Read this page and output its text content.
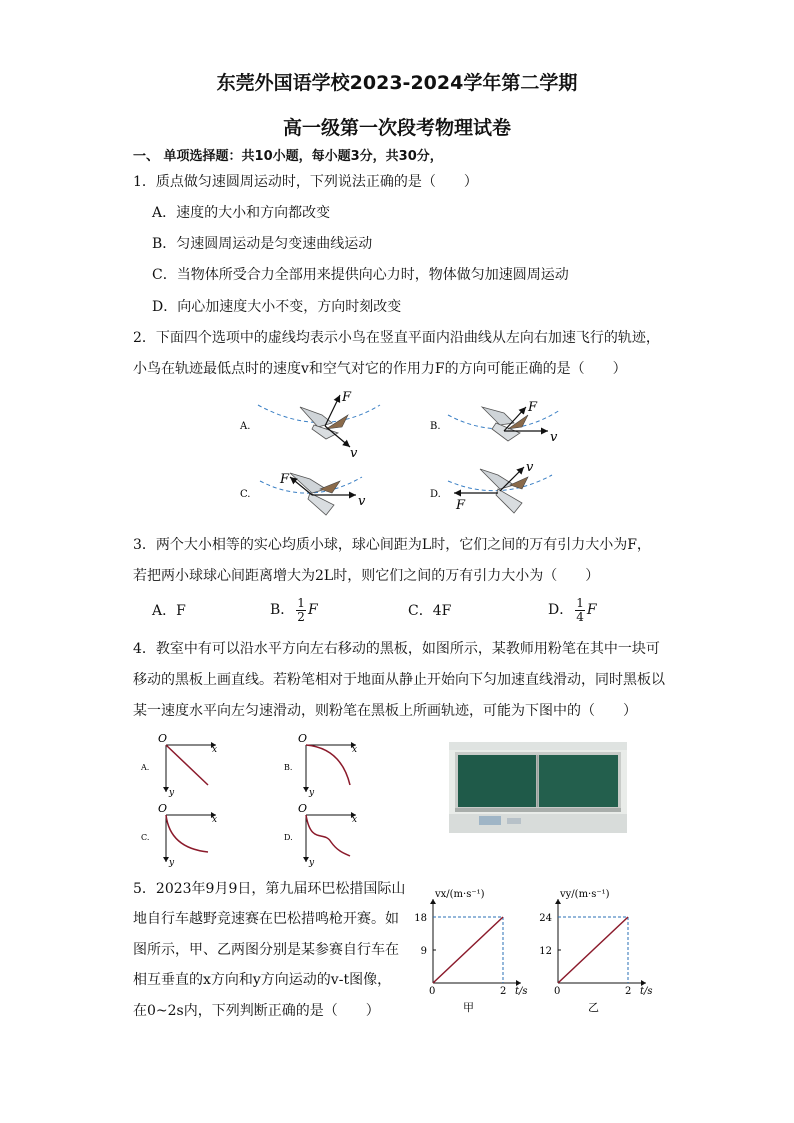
东莞外国语学校2023-2024学年第二学期
高一级第一次段考物理试卷
一、 单项选择题：共10小题，每小题3分，共30分，
1．质点做匀速圆周运动时，下列说法正确的是（　　）
A．速度的大小和方向都改变
B．匀速圆周运动是匀变速曲线运动
C．当物体所受合力全部用来提供向心力时，物体做匀加速圆周运动
D．向心加速度大小不变，方向时刻改变
2．下面四个选项中的虚线均表示小鸟在竖直平面内沿曲线从左向右加速飞行的轨迹，
小鸟在轨迹最低点时的速度v和空气对它的作用力F的方向可能正确的是（　　）
A.
F
v
B.
F
v
C.
F
v	D.
F
v
3．两个大小相等的实心均质小球，球心间距为L时，它们之间的万有引力大小为F，
若把两小球球心间距离增大为2L时，则它们之间的万有引力大小为（　　）
A．F	B． $\frac{1}{2}$ F	C．4F	D． $\frac{1}{4}$ F
4．教室中有可以沿水平方向左右移动的黑板，如图所示，某教师用粉笔在其中一块可
移动的黑板上画直线。若粉笔相对于地面从静止开始向下匀加速直线滑动，同时黑板以
某一速度水平向左匀速滑动，则粉笔在黑板上所画轨迹，可能为下图中的（　　）
A.
O
x
y
B.
O
x
y
C.
O
x
y
D.
O
x
y
5．2023年9月9日，第九届环巴松措国际山
地自行车越野竞速赛在巴松措鸣枪开赛。如
图所示，甲、乙两图分别是某参赛自行车在
相互垂直的x方向和y方向运动的v-t图像，
在0~2s内，下列判断正确的是（　　）
vx/(m·s⁻¹)
t/s
0	2
9
18
甲
vy/(m·s⁻¹)
t/s
0	2
12
24
乙
